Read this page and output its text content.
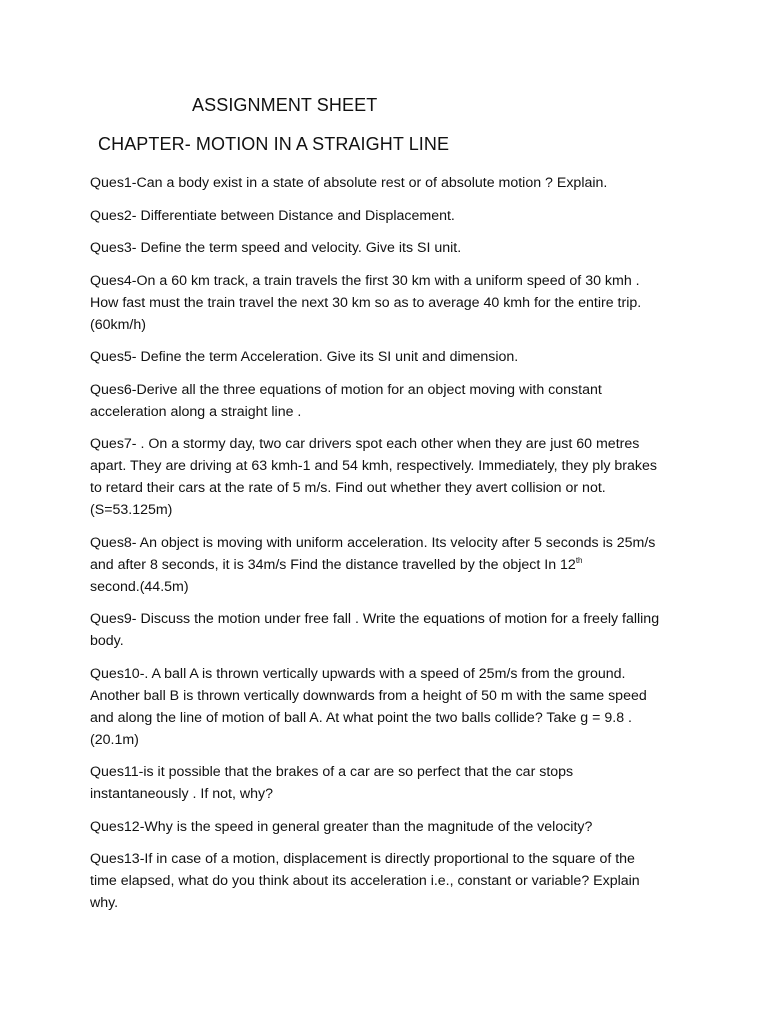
ASSIGNMENT SHEET
CHAPTER- MOTION IN A STRAIGHT LINE
Ques1-Can a body exist in a state of absolute rest or of absolute motion ? Explain.
Ques2- Differentiate between Distance and Displacement.
Ques3- Define the term speed and velocity. Give its SI unit.
Ques4-On a 60 km track, a train travels the first 30 km with a uniform speed of 30 kmh .
How fast must the train travel the next 30 km so as to average 40 kmh for the entire trip.
(60km/h)
Ques5- Define the term Acceleration. Give its SI unit and dimension.
Ques6-Derive all the three equations of motion for an object moving with constant
acceleration along a straight line .
Ques7- . On a stormy day, two car drivers spot each other when they are just 60 metres
apart. They are driving at 63 kmh-1 and 54 kmh, respectively. Immediately, they ply brakes
to retard their cars at the rate of 5 m/s. Find out whether they avert collision or not.
(S=53.125m)
Ques8- An object is moving with uniform acceleration. Its velocity after 5 seconds is 25m/s
and after 8 seconds, it is 34m/s Find the distance travelled by the object In 12th
second.(44.5m)
Ques9- Discuss the motion under free fall . Write the equations of motion for a freely falling
body.
Ques10-. A ball A is thrown vertically upwards with a speed of 25m/s from the ground.
Another ball B is thrown vertically downwards from a height of 50 m with the same speed
and along the line of motion of ball A. At what point the two balls collide? Take g = 9.8 .
(20.1m)
Ques11-is it possible that the brakes of a car are so perfect that the car stops
instantaneously . If not, why?
Ques12-Why is the speed in general greater than the magnitude of the velocity?
Ques13-If in case of a motion, displacement is directly proportional to the square of the
time elapsed, what do you think about its acceleration i.e., constant or variable? Explain
why.
